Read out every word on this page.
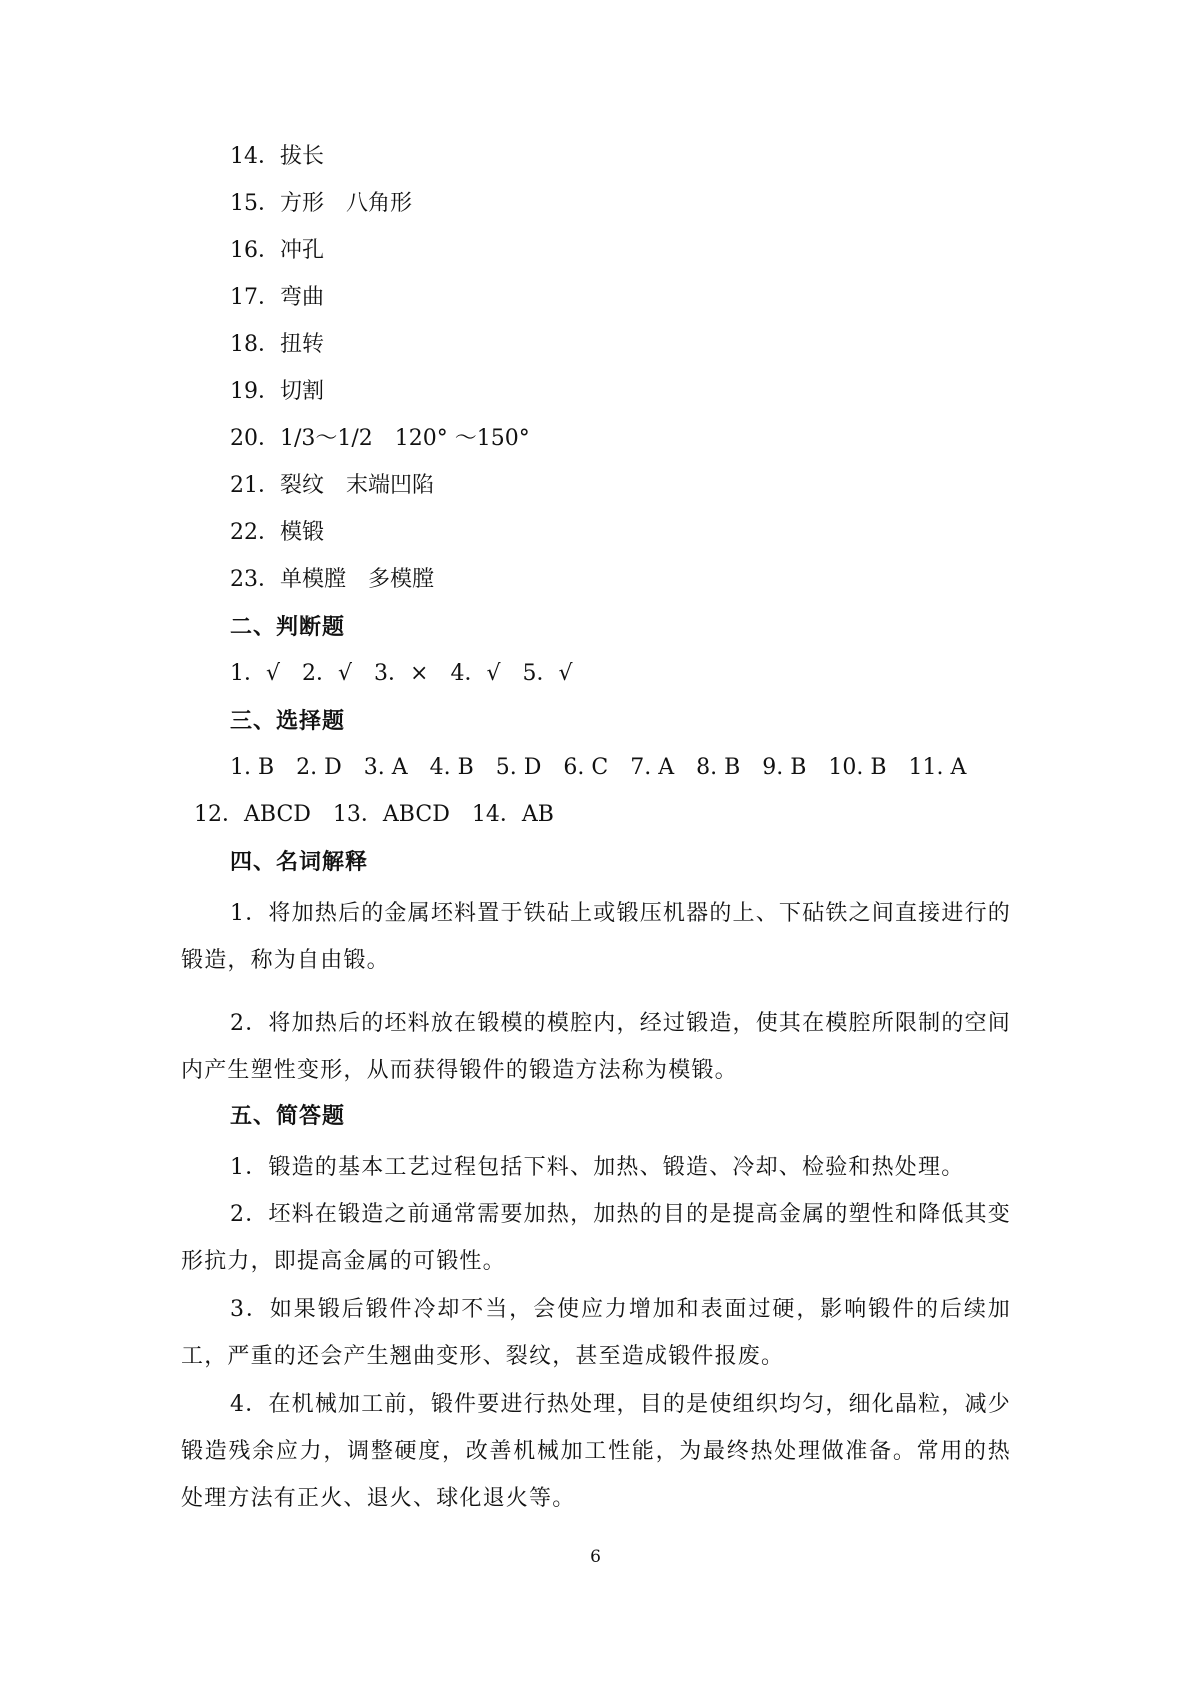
14．拔长
15．方形　八角形
16．冲孔
17．弯曲
18．扭转
19．切割
20．1/3～1/2　120° ～150°
21．裂纹　末端凹陷
22．模锻
23．单模膛　多模膛
二、判断题
1．√　2．√　3．×　4．√　5．√
三、选择题
1. B　2. D　3. A　4. B　5. D　6. C　7. A　8. B　9. B　10. B　11. A
12．ABCD　13．ABCD　14．AB
四、名词解释
1．将加热后的金属坯料置于铁砧上或锻压机器的上、下砧铁之间直接进行的锻造，称为自由锻。
2．将加热后的坯料放在锻模的模腔内，经过锻造，使其在模腔所限制的空间内产生塑性变形，从而获得锻件的锻造方法称为模锻。
五、简答题
1．锻造的基本工艺过程包括下料、加热、锻造、冷却、检验和热处理。
2．坯料在锻造之前通常需要加热，加热的目的是提高金属的塑性和降低其变形抗力，即提高金属的可锻性。
3．如果锻后锻件冷却不当，会使应力增加和表面过硬，影响锻件的后续加工，严重的还会产生翘曲变形、裂纹，甚至造成锻件报废。
4．在机械加工前，锻件要进行热处理，目的是使组织均匀，细化晶粒，减少锻造残余应力，调整硬度，改善机械加工性能，为最终热处理做准备。常用的热处理方法有正火、退火、球化退火等。
6
